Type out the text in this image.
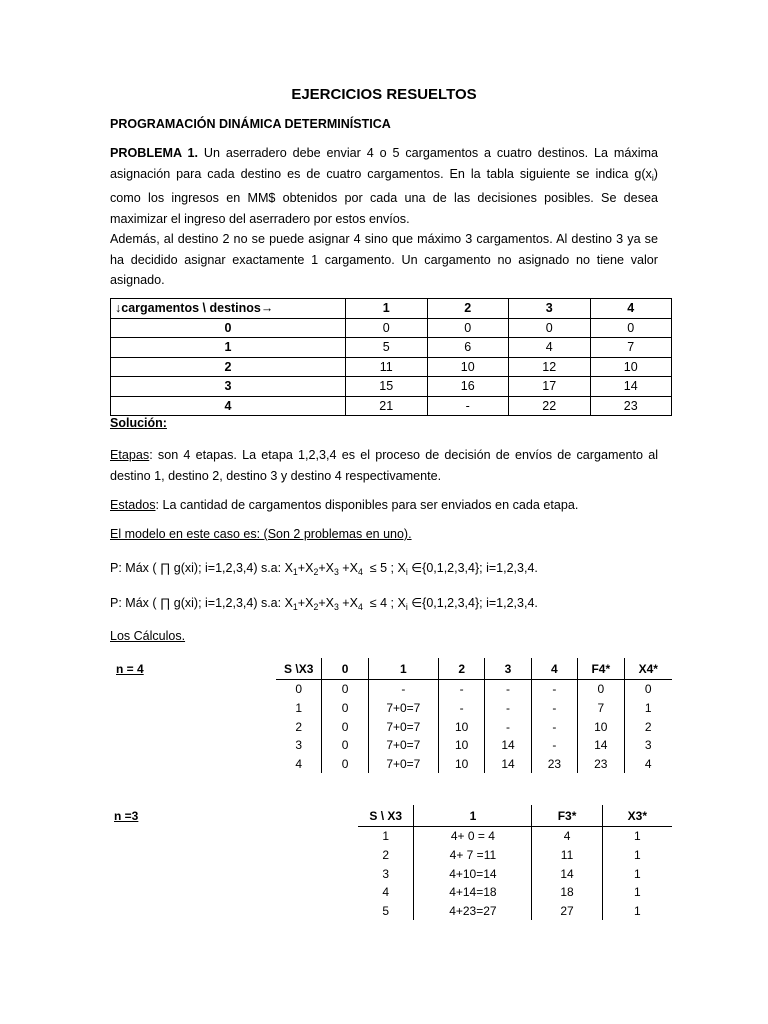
EJERCICIOS RESUELTOS
PROGRAMACIÓN DINÁMICA DETERMINÍSTICA
PROBLEMA 1. Un aserradero debe enviar 4 o 5 cargamentos a cuatro destinos. La máxima asignación para cada destino es de cuatro cargamentos. En la tabla siguiente se indica $g(x_i)$ como los ingresos en MM$ obtenidos por cada una de las decisiones posibles. Se desea maximizar el ingreso del aserradero por estos envíos.
Además, al destino 2 no se puede asignar 4 sino que máximo 3 cargamentos. Al destino 3 ya se ha decidido asignar exactamente 1 cargamento. Un cargamento no asignado no tiene valor asignado.
↓cargamentos \ destinos→	1	2	3	4
0	0	0	0	0
1	5	6	4	7
2	11	10	12	10
3	15	16	17	14
4	21	-	22	23
Solución:
Etapas: son 4 etapas. La etapa 1,2,3,4 es el proceso de decisión de envíos de cargamento al destino 1, destino 2, destino 3 y destino 4 respectivamente.
Estados: La cantidad de cargamentos disponibles para ser enviados en cada etapa.
El modelo en este caso es: (Son 2 problemas en uno).
P: Máx ( ∏ g(xi); i=1,2,3,4) s.a: $X_1+X_2+X_3 +X_4 \le 5$ ; $X_i$ ∈{0,1,2,3,4}; i=1,2,3,4.
P: Máx ( ∏ g(xi); i=1,2,3,4) s.a: $X_1+X_2+X_3 +X_4 \le 4$ ; $X_i$ ∈{0,1,2,3,4}; i=1,2,3,4.
Los Cálculos.
n = 4	S \X3	0	1	2	3	4	F4*	X4*
0	0	-	-	-	-	0	0
1	0	7+0=7	-	-	-	7	1
2	0	7+0=7	10	-	-	10	2
3	0	7+0=7	10	14	-	14	3
4	0	7+0=7	10	14	23	23	4
n =3	S \ X3	1	F3*	X3*
1	4+ 0 = 4	4	1
2	4+ 7 =11	11	1
3	4+10=14	14	1
4	4+14=18	18	1
5	4+23=27	27	1
